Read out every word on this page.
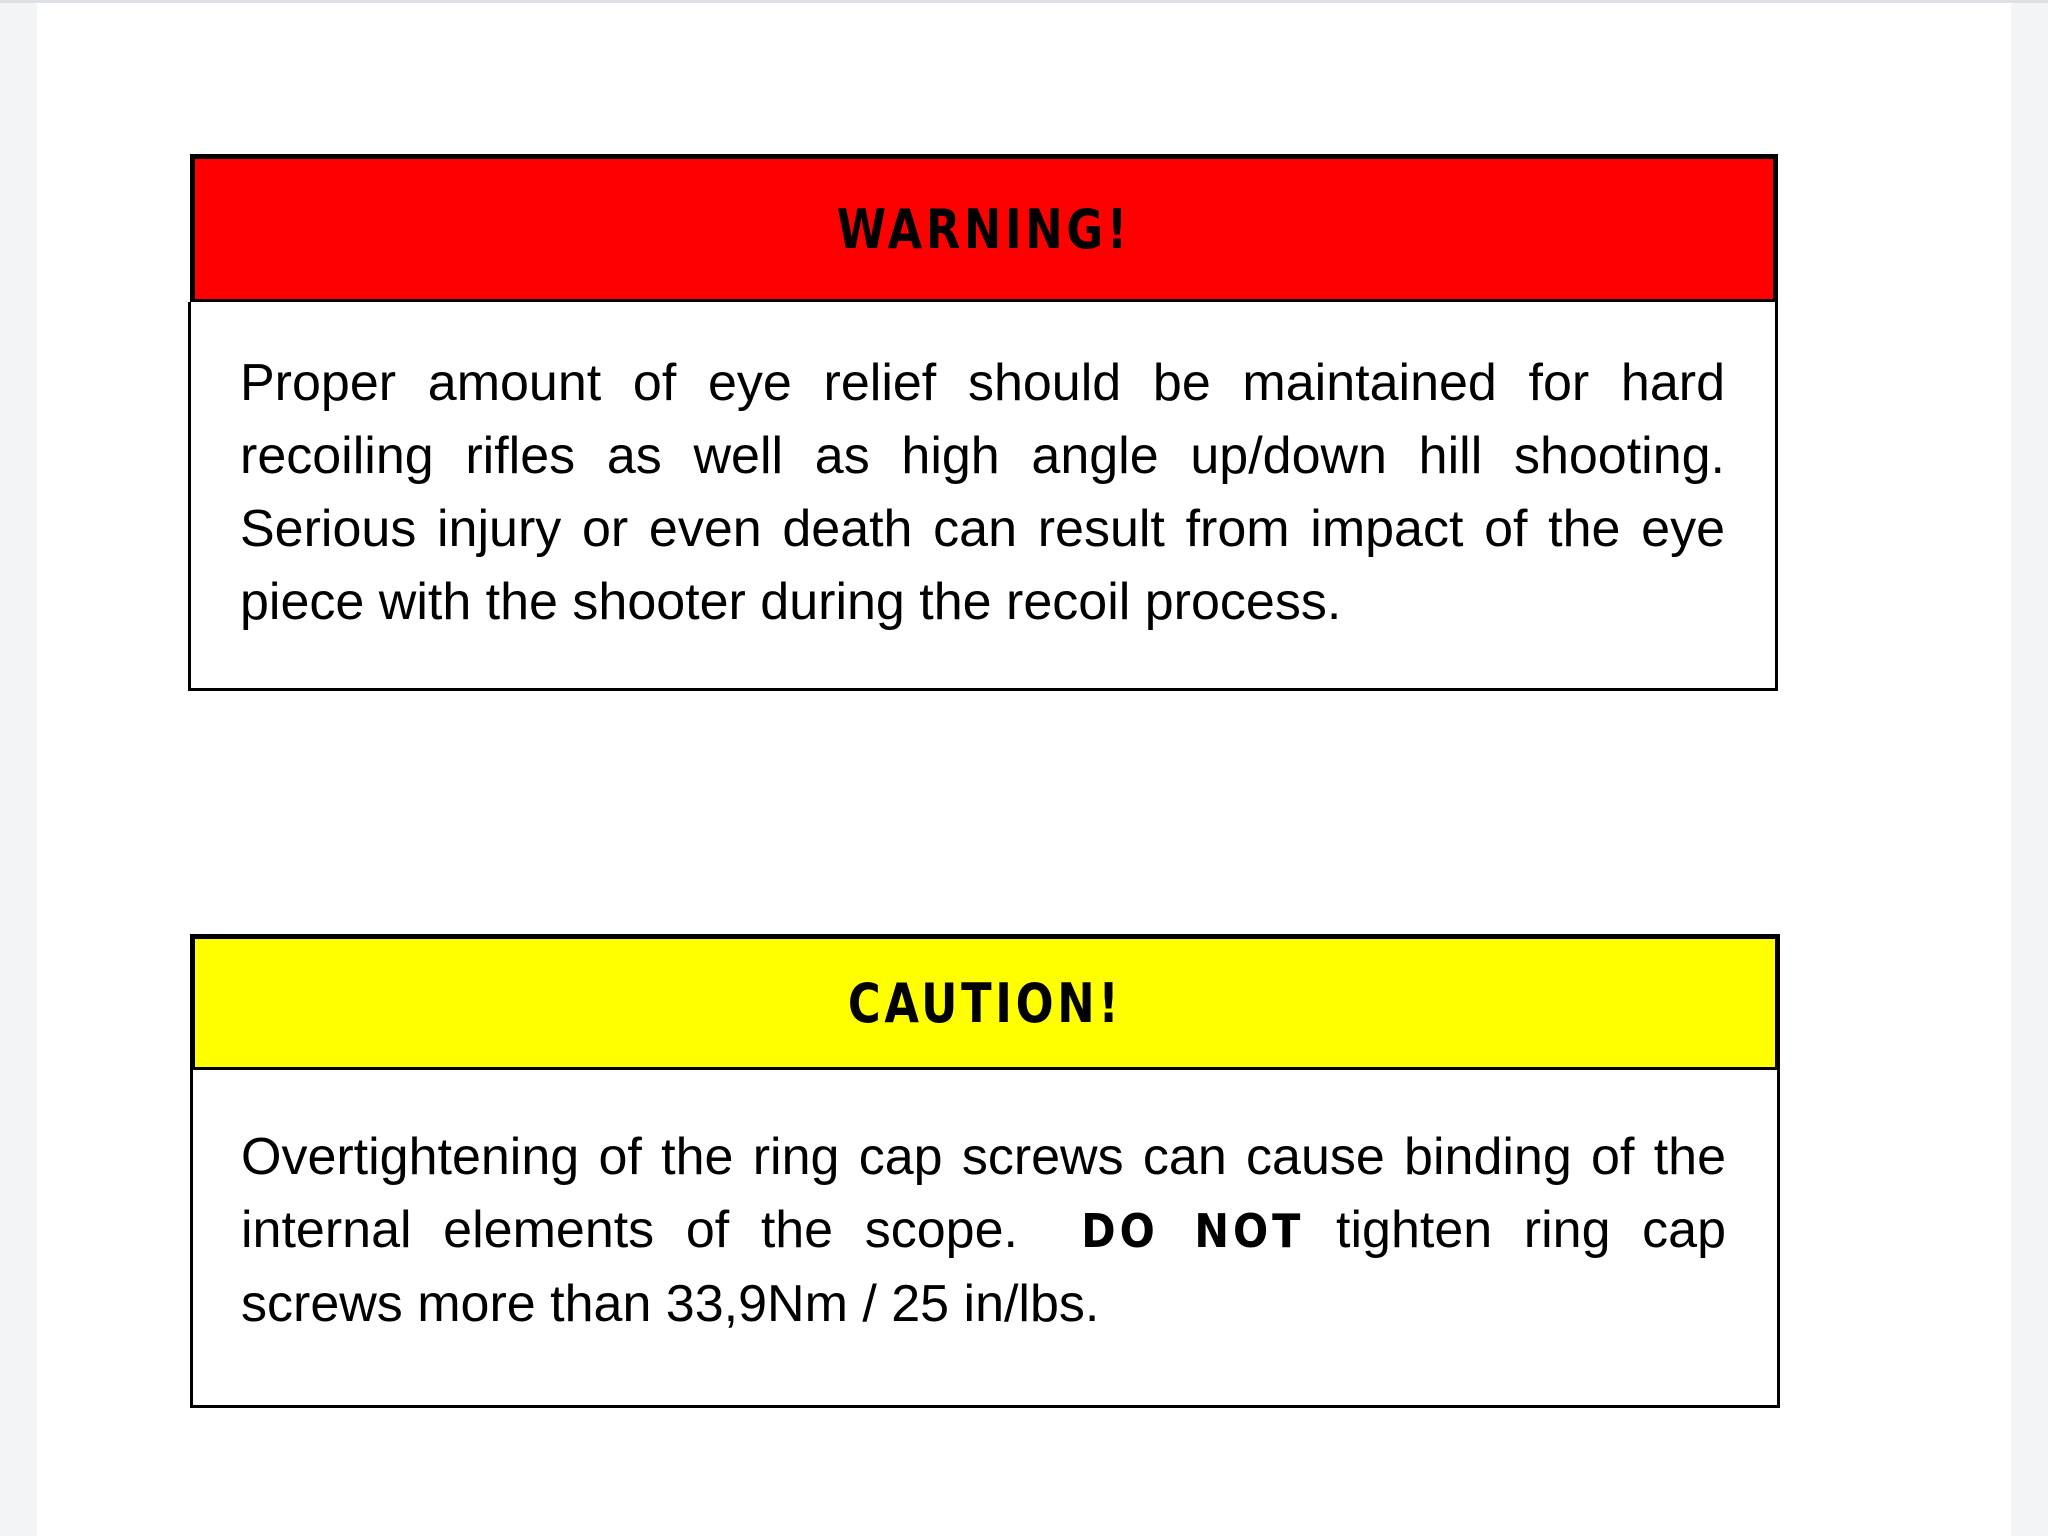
WARNING!
Proper amount of eye relief should be maintained for hard recoiling rifles as well as high angle up/down hill shooting. Serious injury or even death can result from impact of the eye piece with the shooter during the recoil process.
CAUTION!
Overtightening of the ring cap screws can cause binding of the internal elements of the scope. DO NOT tighten ring cap screws more than 33,9Nm / 25 in/lbs.
